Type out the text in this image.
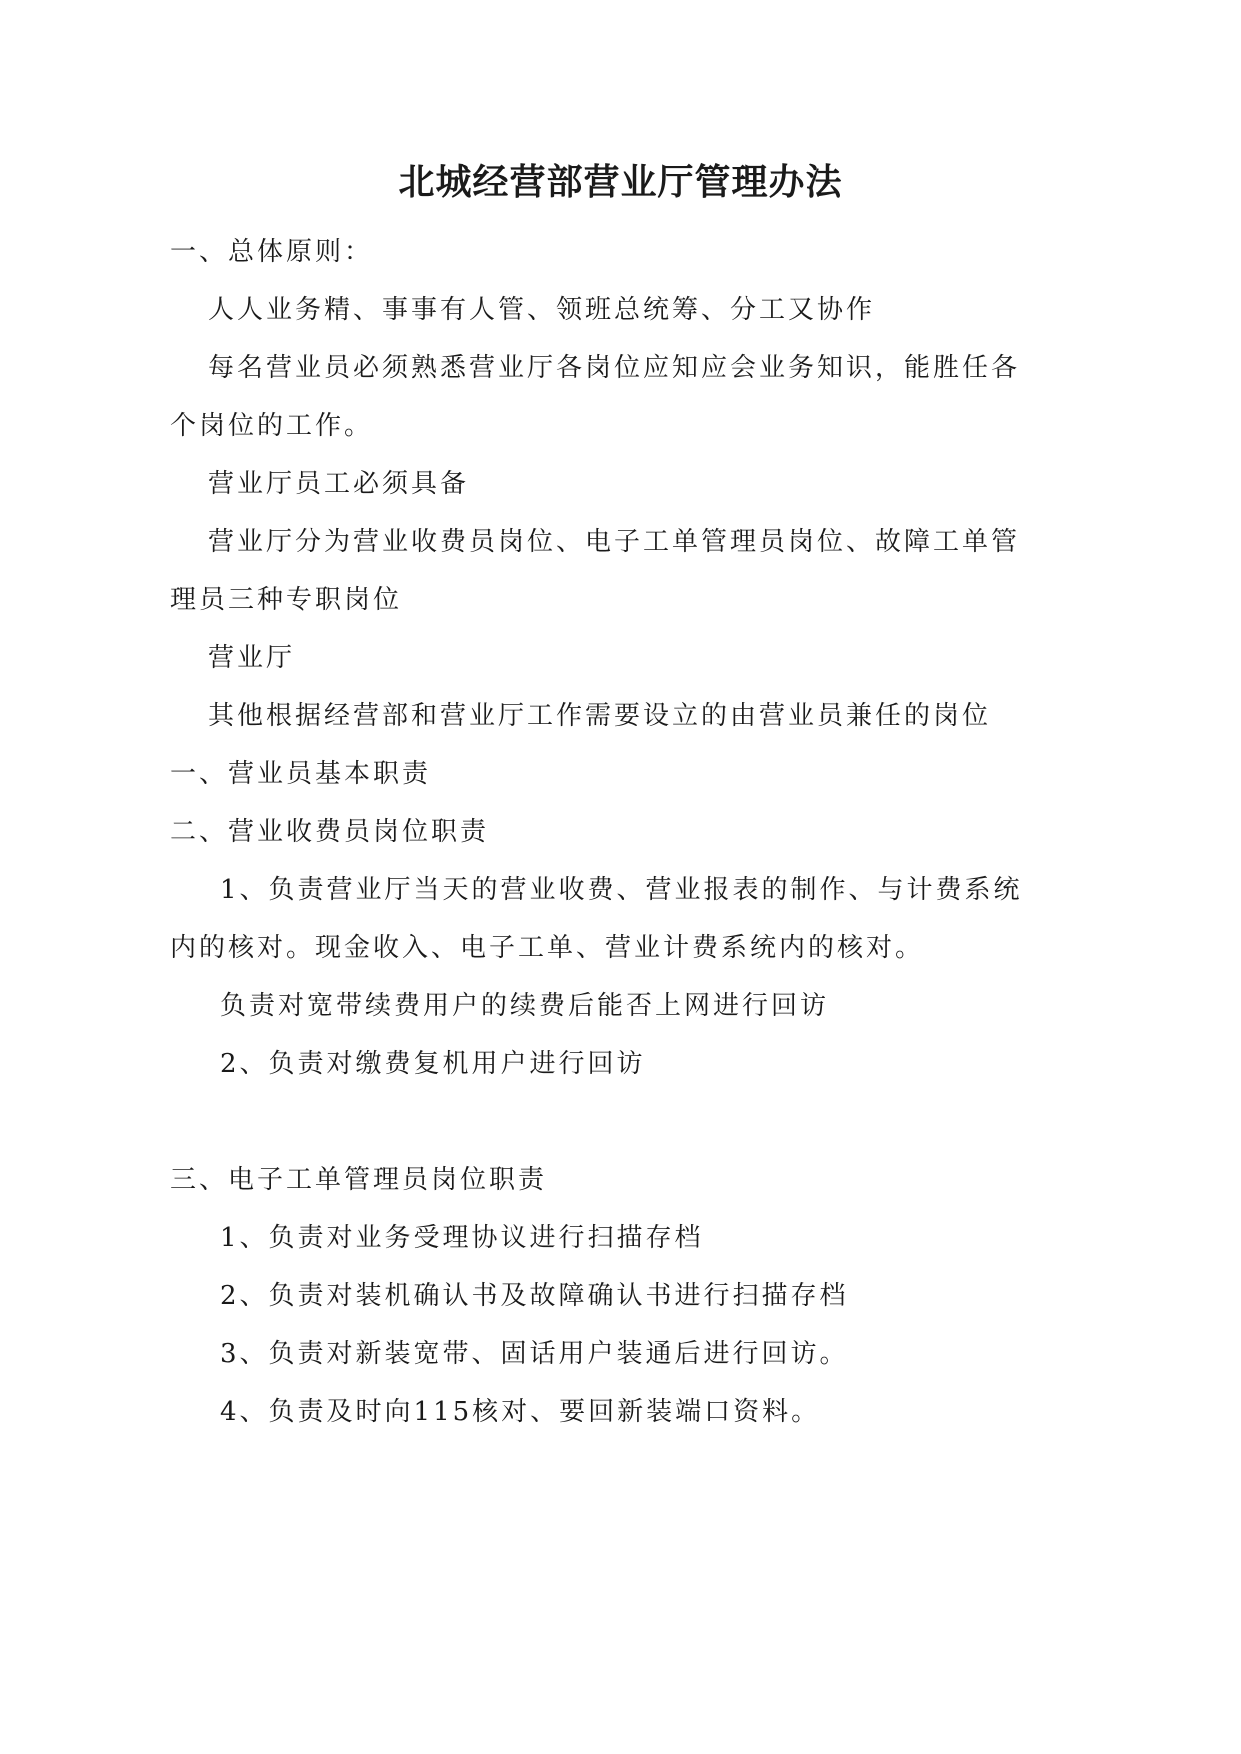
北城经营部营业厅管理办法

一、总体原则：

人人业务精、事事有人管、领班总统筹、分工又协作

每名营业员必须熟悉营业厅各岗位应知应会业务知识，能胜任各

个岗位的工作。

营业厅员工必须具备

营业厅分为营业收费员岗位、电子工单管理员岗位、故障工单管

理员三种专职岗位

营业厅

其他根据经营部和营业厅工作需要设立的由营业员兼任的岗位

一、营业员基本职责

二、营业收费员岗位职责

1、负责营业厅当天的营业收费、营业报表的制作、与计费系统

内的核对。现金收入、电子工单、营业计费系统内的核对。

负责对宽带续费用户的续费后能否上网进行回访

2、负责对缴费复机用户进行回访

三、电子工单管理员岗位职责

1、负责对业务受理协议进行扫描存档

2、负责对装机确认书及故障确认书进行扫描存档

3、负责对新装宽带、固话用户装通后进行回访。

4、负责及时向115核对、要回新装端口资料。
